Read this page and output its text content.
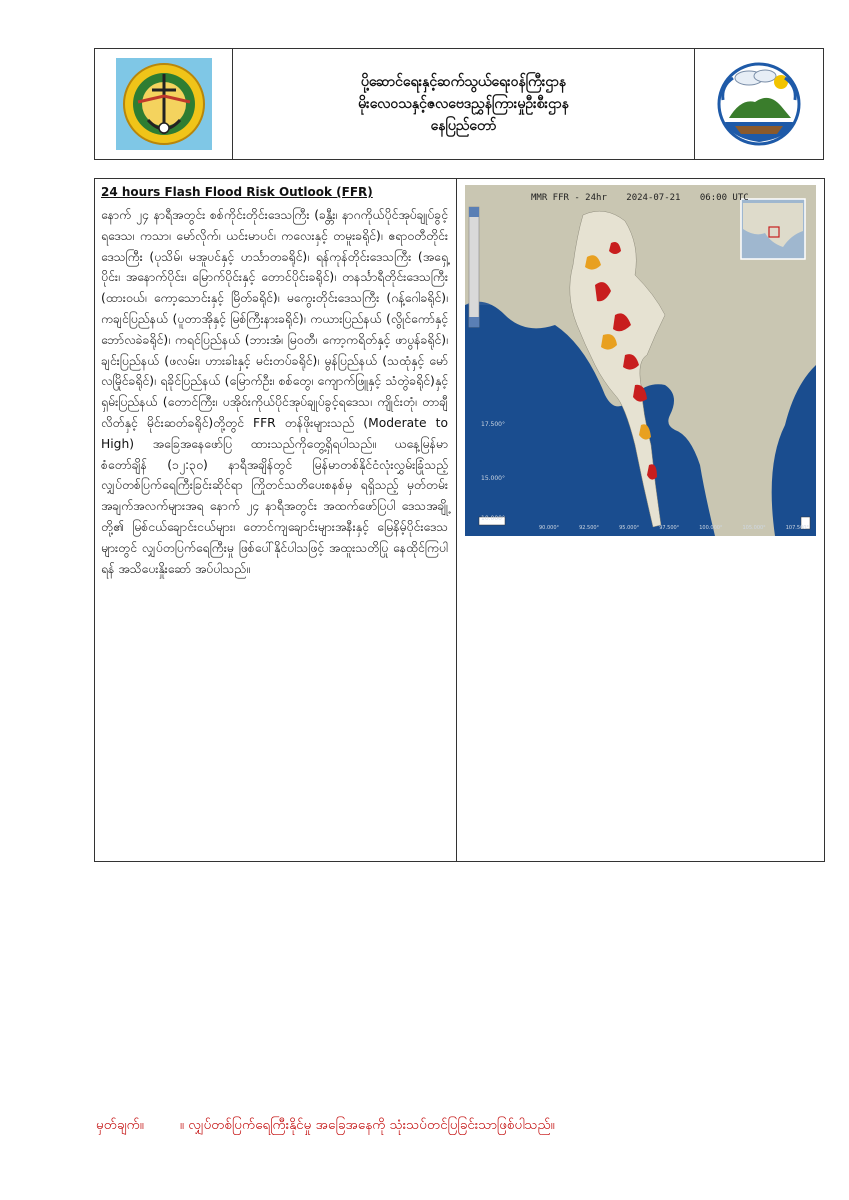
ပို့ဆောင်ရေးနှင့်ဆက်သွယ်ရေးဝန်ကြီးဌာန
မိုးလေဝသနှင့်ဇလဗေဒညွှန်ကြားမှုဦးစီးဌာန
နေပြည်တော်

24 hours Flash Flood Risk Outlook (FFR)

နောက် ၂၄ နာရီအတွင်း စစ်ကိုင်းတိုင်းဒေသကြီး (ခန္တီး၊ နာဂကိုယ်ပိုင်အုပ်ချုပ်ခွင့်ရဒေသ၊ ကသာ၊ မော်လိုက်၊ ယင်းမာပင်၊ ကလေးနှင့် တမူးခရိုင်)၊ ဧရာဝတီတိုင်းဒေသကြီး (ပုသိမ်၊ မအူပင်နှင့် ဟင်္သာတခရိုင်)၊ ရန်ကုန်တိုင်းဒေသကြီး (အရှေ့ပိုင်း၊ အနောက်ပိုင်း၊ မြောက်ပိုင်းနှင့် တောင်ပိုင်းခရိုင်)၊ တနင်္သာရီတိုင်းဒေသကြီး (ထားဝယ်၊ ကော့သောင်းနှင့် မြိတ်ခရိုင်)၊ မကွေးတိုင်းဒေသကြီး (ဂန့်ဂေါခရိုင်)၊ ကချင်ပြည်နယ် (ပူတာအိုနှင့် မြစ်ကြီးနားခရိုင်)၊ ကယားပြည်နယ် (လွိုင်ကော်နှင့် ဘော်လခဲခရိုင်)၊ ကရင်ပြည်နယ် (ဘားအံ၊ မြဝတီ၊ ကော့ကရိတ်နှင့် ဖာပွန်ခရိုင်)၊ ချင်းပြည်နယ် (ဖလမ်း၊ ဟားခါးနှင့် မင်းတပ်ခရိုင်)၊ မွန်ပြည်နယ် (သထုံနှင့် မော်လမြိုင်ခရိုင်)၊ ရခိုင်ပြည်နယ် (မြောက်ဦး၊ စစ်တွေ၊ ကျောက်ဖြူနှင့် သံတွဲခရိုင်)နှင့် ရှမ်းပြည်နယ် (တောင်ကြီး၊ ပအိုဝ်းကိုယ်ပိုင်အုပ်ချုပ်ခွင့်ရဒေသ၊ ကျိုင်းတုံ၊ တာချီလိတ်နှင့် မိုင်းဆတ်ခရိုင်)တို့တွင် FFR တန်ဖိုးများသည် (Moderate to High) အခြေအနေဖော်ပြ ထားသည်ကိုတွေ့ရှိရပါသည်။ ယနေ့မြန်မာစံတော်ချိန် (၁၂:၃၀) နာရီအချိန်တွင် မြန်မာတစ်နိုင်ငံလုံးလွှမ်းခြုံသည့် လျှပ်တစ်ပြက်ရေကြီးခြင်းဆိုင်ရာ ကြိုတင်သတိပေးစနစ်မှ ရရှိသည့် မှတ်တမ်းအချက်အလက်များအရ နောက် ၂၄ နာရီအတွင်း အထက်ဖော်ပြပါ ဒေသအချို့တို့၏ မြစ်ငယ်ချောင်းငယ်များ၊ တောင်ကျချောင်းများအနီးနှင့် မြေနိမ့်ပိုင်းဒေသများတွင် လျှပ်တပြက်ရေကြီးမှု ဖြစ်ပေါ်နိုင်ပါသဖြင့် အထူးသတိပြု နေထိုင်ကြပါရန် အသိပေးနှိုးဆော် အပ်ပါသည်။

MMR FFR - 24hr 2024-07-21 06:00 UTC
17.500°
15.000°
10.000°
90.000°	92.500°	95.000°	97.500°	100.000°	105.000°	107.500°
မှတ်ချက်။	။ လျှပ်တစ်ပြက်ရေကြီးနိုင်မှု အခြေအနေကို သုံးသပ်တင်ပြခြင်းသာဖြစ်ပါသည်။
